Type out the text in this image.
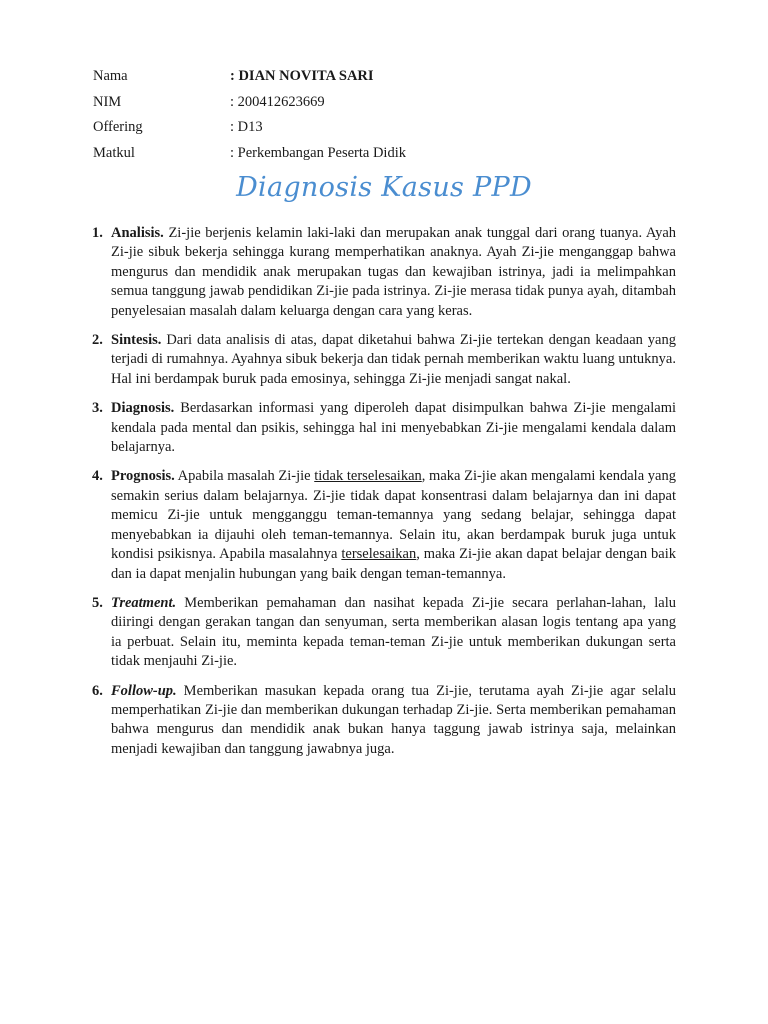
Nama	: DIAN NOVITA SARI
NIM	: 200412623669
Offering	: D13
Matkul	: Perkembangan Peserta Didik
Diagnosis Kasus PPD
1. Analisis. Zi-jie berjenis kelamin laki-laki dan merupakan anak tunggal dari orang tuanya. Ayah Zi-jie sibuk bekerja sehingga kurang memperhatikan anaknya. Ayah Zi-jie menganggap bahwa mengurus dan mendidik anak merupakan tugas dan kewajiban istrinya, jadi ia melimpahkan semua tanggung jawab pendidikan Zi-jie pada istrinya. Zi-jie merasa tidak punya ayah, ditambah penyelesaian masalah dalam keluarga dengan cara yang keras.
2. Sintesis. Dari data analisis di atas, dapat diketahui bahwa Zi-jie tertekan dengan keadaan yang terjadi di rumahnya. Ayahnya sibuk bekerja dan tidak pernah memberikan waktu luang untuknya. Hal ini berdampak buruk pada emosinya, sehingga Zi-jie menjadi sangat nakal.
3. Diagnosis. Berdasarkan informasi yang diperoleh dapat disimpulkan bahwa Zi-jie mengalami kendala pada mental dan psikis, sehingga hal ini menyebabkan Zi-jie mengalami kendala dalam belajarnya.
4. Prognosis. Apabila masalah Zi-jie tidak terselesaikan, maka Zi-jie akan mengalami kendala yang semakin serius dalam belajarnya. Zi-jie tidak dapat konsentrasi dalam belajarnya dan ini dapat memicu Zi-jie untuk mengganggu teman-temannya yang sedang belajar, sehingga dapat menyebabkan ia dijauhi oleh teman-temannya. Selain itu, akan berdampak buruk juga untuk kondisi psikisnya. Apabila masalahnya terselesaikan, maka Zi-jie akan dapat belajar dengan baik dan ia dapat menjalin hubungan yang baik dengan teman-temannya.
5. Treatment. Memberikan pemahaman dan nasihat kepada Zi-jie secara perlahan-lahan, lalu diiringi dengan gerakan tangan dan senyuman, serta memberikan alasan logis tentang apa yang ia perbuat. Selain itu, meminta kepada teman-teman Zi-jie untuk memberikan dukungan serta tidak menjauhi Zi-jie.
6. Follow-up. Memberikan masukan kepada orang tua Zi-jie, terutama ayah Zi-jie agar selalu memperhatikan Zi-jie dan memberikan dukungan terhadap Zi-jie. Serta memberikan pemahaman bahwa mengurus dan mendidik anak bukan hanya taggung jawab istrinya saja, melainkan menjadi kewajiban dan tanggung jawabnya juga.
